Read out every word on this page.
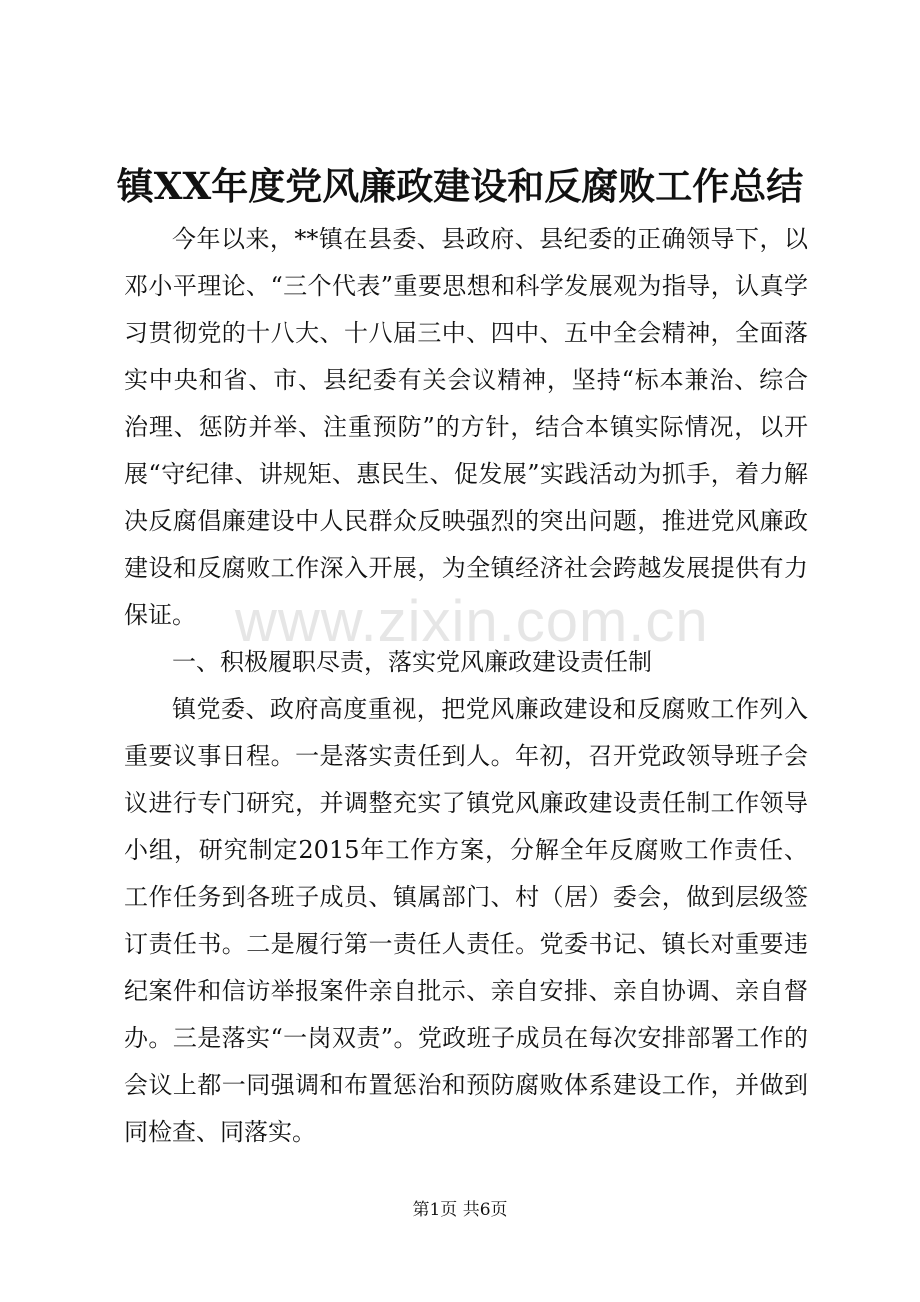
镇XX年度党风廉政建设和反腐败工作总结

今年以来，**镇在县委、县政府、县纪委的正确领导下，以邓小平理论、“三个代表”重要思想和科学发展观为指导，认真学习贯彻党的十八大、十八届三中、四中、五中全会精神，全面落实中央和省、市、县纪委有关会议精神，坚持“标本兼治、综合治理、惩防并举、注重预防”的方针，结合本镇实际情况，以开展“守纪律、讲规矩、惠民生、促发展”实践活动为抓手，着力解决反腐倡廉建设中人民群众反映强烈的突出问题，推进党风廉政建设和反腐败工作深入开展，为全镇经济社会跨越发展提供有力保证。

一、积极履职尽责，落实党风廉政建设责任制

镇党委、政府高度重视，把党风廉政建设和反腐败工作列入重要议事日程。一是落实责任到人。年初，召开党政领导班子会议进行专门研究，并调整充实了镇党风廉政建设责任制工作领导小组，研究制定2015年工作方案，分解全年反腐败工作责任、工作任务到各班子成员、镇属部门、村（居）委会，做到层级签订责任书。二是履行第一责任人责任。党委书记、镇长对重要违纪案件和信访举报案件亲自批示、亲自安排、亲自协调、亲自督办。三是落实“一岗双责”。党政班子成员在每次安排部署工作的会议上都一同强调和布置惩治和预防腐败体系建设工作，并做到同检查、同落实。

www.zixin.com.cn
第1页 共6页
